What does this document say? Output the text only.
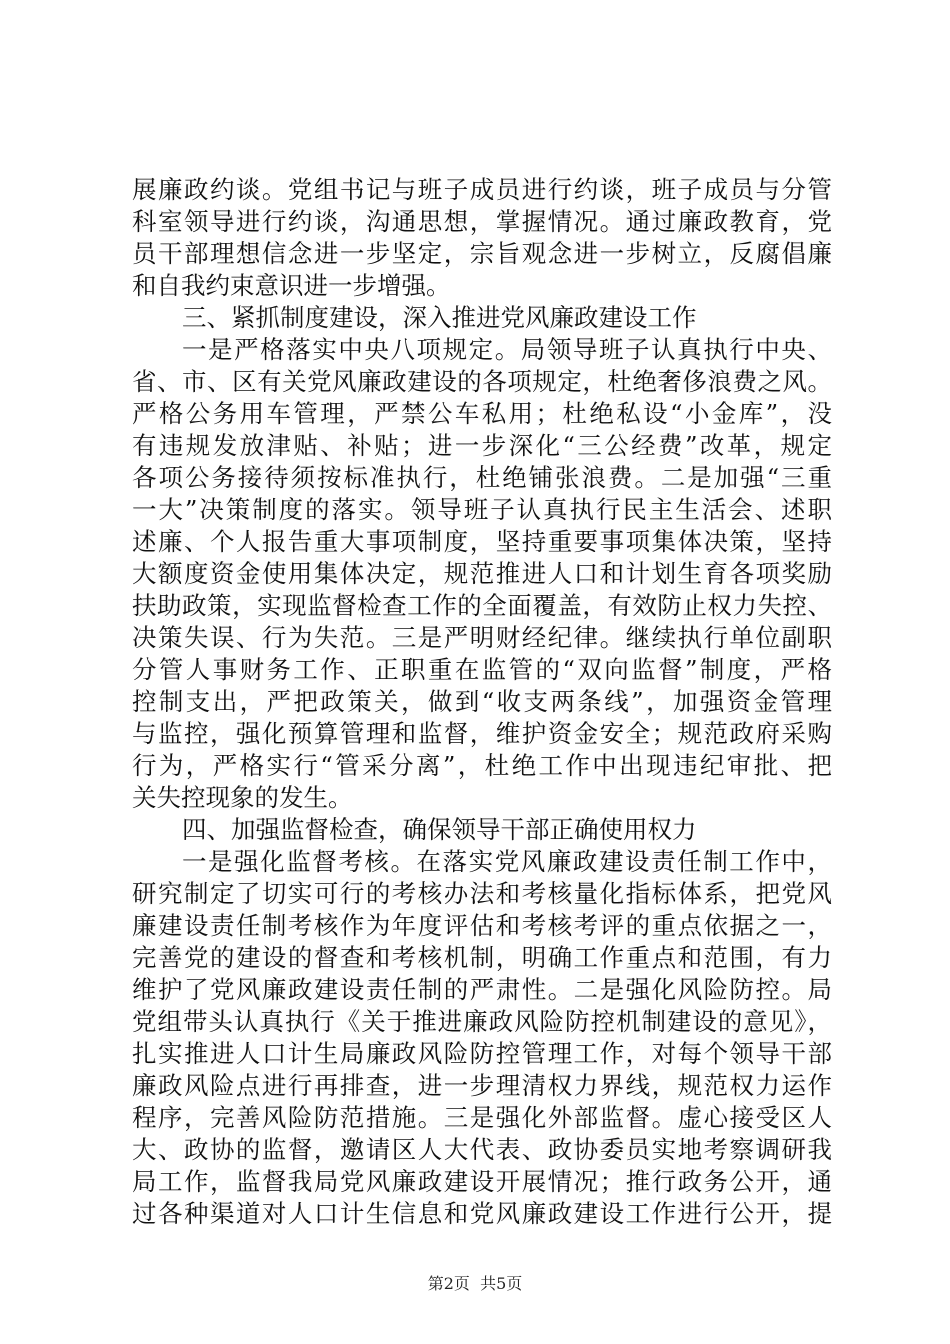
展廉政约谈。党组书记与班子成员进行约谈，班子成员与分管
科室领导进行约谈，沟通思想，掌握情况。通过廉政教育，党
员干部理想信念进一步坚定，宗旨观念进一步树立，反腐倡廉
和自我约束意识进一步增强。
三、紧抓制度建设，深入推进党风廉政建设工作
一是严格落实中央八项规定。局领导班子认真执行中央、
省、市、区有关党风廉政建设的各项规定，杜绝奢侈浪费之风。
严格公务用车管理，严禁公车私用；杜绝私设“小金库”，没
有违规发放津贴、补贴；进一步深化“三公经费”改革，规定
各项公务接待须按标准执行，杜绝铺张浪费。二是加强“三重
一大”决策制度的落实。领导班子认真执行民主生活会、述职
述廉、个人报告重大事项制度，坚持重要事项集体决策，坚持
大额度资金使用集体决定，规范推进人口和计划生育各项奖励
扶助政策，实现监督检查工作的全面覆盖，有效防止权力失控、
决策失误、行为失范。三是严明财经纪律。继续执行单位副职
分管人事财务工作、正职重在监管的“双向监督”制度，严格
控制支出，严把政策关，做到“收支两条线”，加强资金管理
与监控，强化预算管理和监督，维护资金安全；规范政府采购
行为，严格实行“管采分离”，杜绝工作中出现违纪审批、把
关失控现象的发生。
四、加强监督检查，确保领导干部正确使用权力
一是强化监督考核。在落实党风廉政建设责任制工作中，
研究制定了切实可行的考核办法和考核量化指标体系，把党风
廉建设责任制考核作为年度评估和考核考评的重点依据之一，
完善党的建设的督查和考核机制，明确工作重点和范围，有力
维护了党风廉政建设责任制的严肃性。二是强化风险防控。局
党组带头认真执行《关于推进廉政风险防控机制建设的意见》，
扎实推进人口计生局廉政风险防控管理工作，对每个领导干部
廉政风险点进行再排查，进一步理清权力界线，规范权力运作
程序，完善风险防范措施。三是强化外部监督。虚心接受区人
大、政协的监督，邀请区人大代表、政协委员实地考察调研我
局工作，监督我局党风廉政建设开展情况；推行政务公开，通
过各种渠道对人口计生信息和党风廉政建设工作进行公开，提
第2页  共5页
